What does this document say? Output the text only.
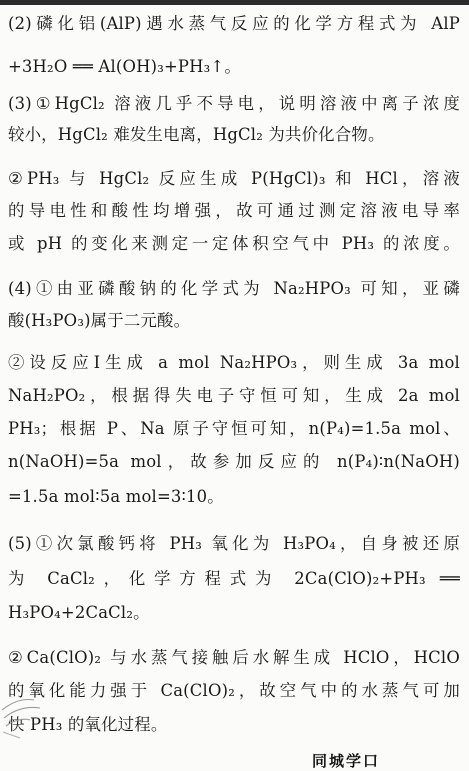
(2)磷化铝(AlP)遇水蒸气反应的化学方程式为 AlP
+3H₂O ══ Al(OH)₃+PH₃↑。
(3)①HgCl₂ 溶液几乎不导电，说明溶液中离子浓度
较小，HgCl₂ 难发生电离，HgCl₂ 为共价化合物。
②PH₃ 与 HgCl₂ 反应生成 P(HgCl)₃ 和 HCl，溶液
的导电性和酸性均增强，故可通过测定溶液电导率
或 pH 的变化来测定一定体积空气中 PH₃ 的浓度。
(4)①由亚磷酸钠的化学式为 Na₂HPO₃ 可知，亚磷
酸(H₃PO₃)属于二元酸。
②设反应Ⅰ生成 a mol Na₂HPO₃，则生成 3a mol
NaH₂PO₂，根据得失电子守恒可知，生成 2a mol
PH₃；根据 P、Na 原子守恒可知，n(P₄)=1.5a mol、
n(NaOH)=5a mol，故参加反应的 n(P₄)∶n(NaOH)
=1.5a mol∶5a mol=3∶10。
(5)①次氯酸钙将 PH₃ 氧化为 H₃PO₄，自身被还原
为 CaCl₂，化学方程式为 2Ca(ClO)₂+PH₃ ══
H₃PO₄+2CaCl₂。
②Ca(ClO)₂ 与水蒸气接触后水解生成 HClO，HClO
的氧化能力强于 Ca(ClO)₂，故空气中的水蒸气可加
快 PH₃ 的氧化过程。
同城学口
